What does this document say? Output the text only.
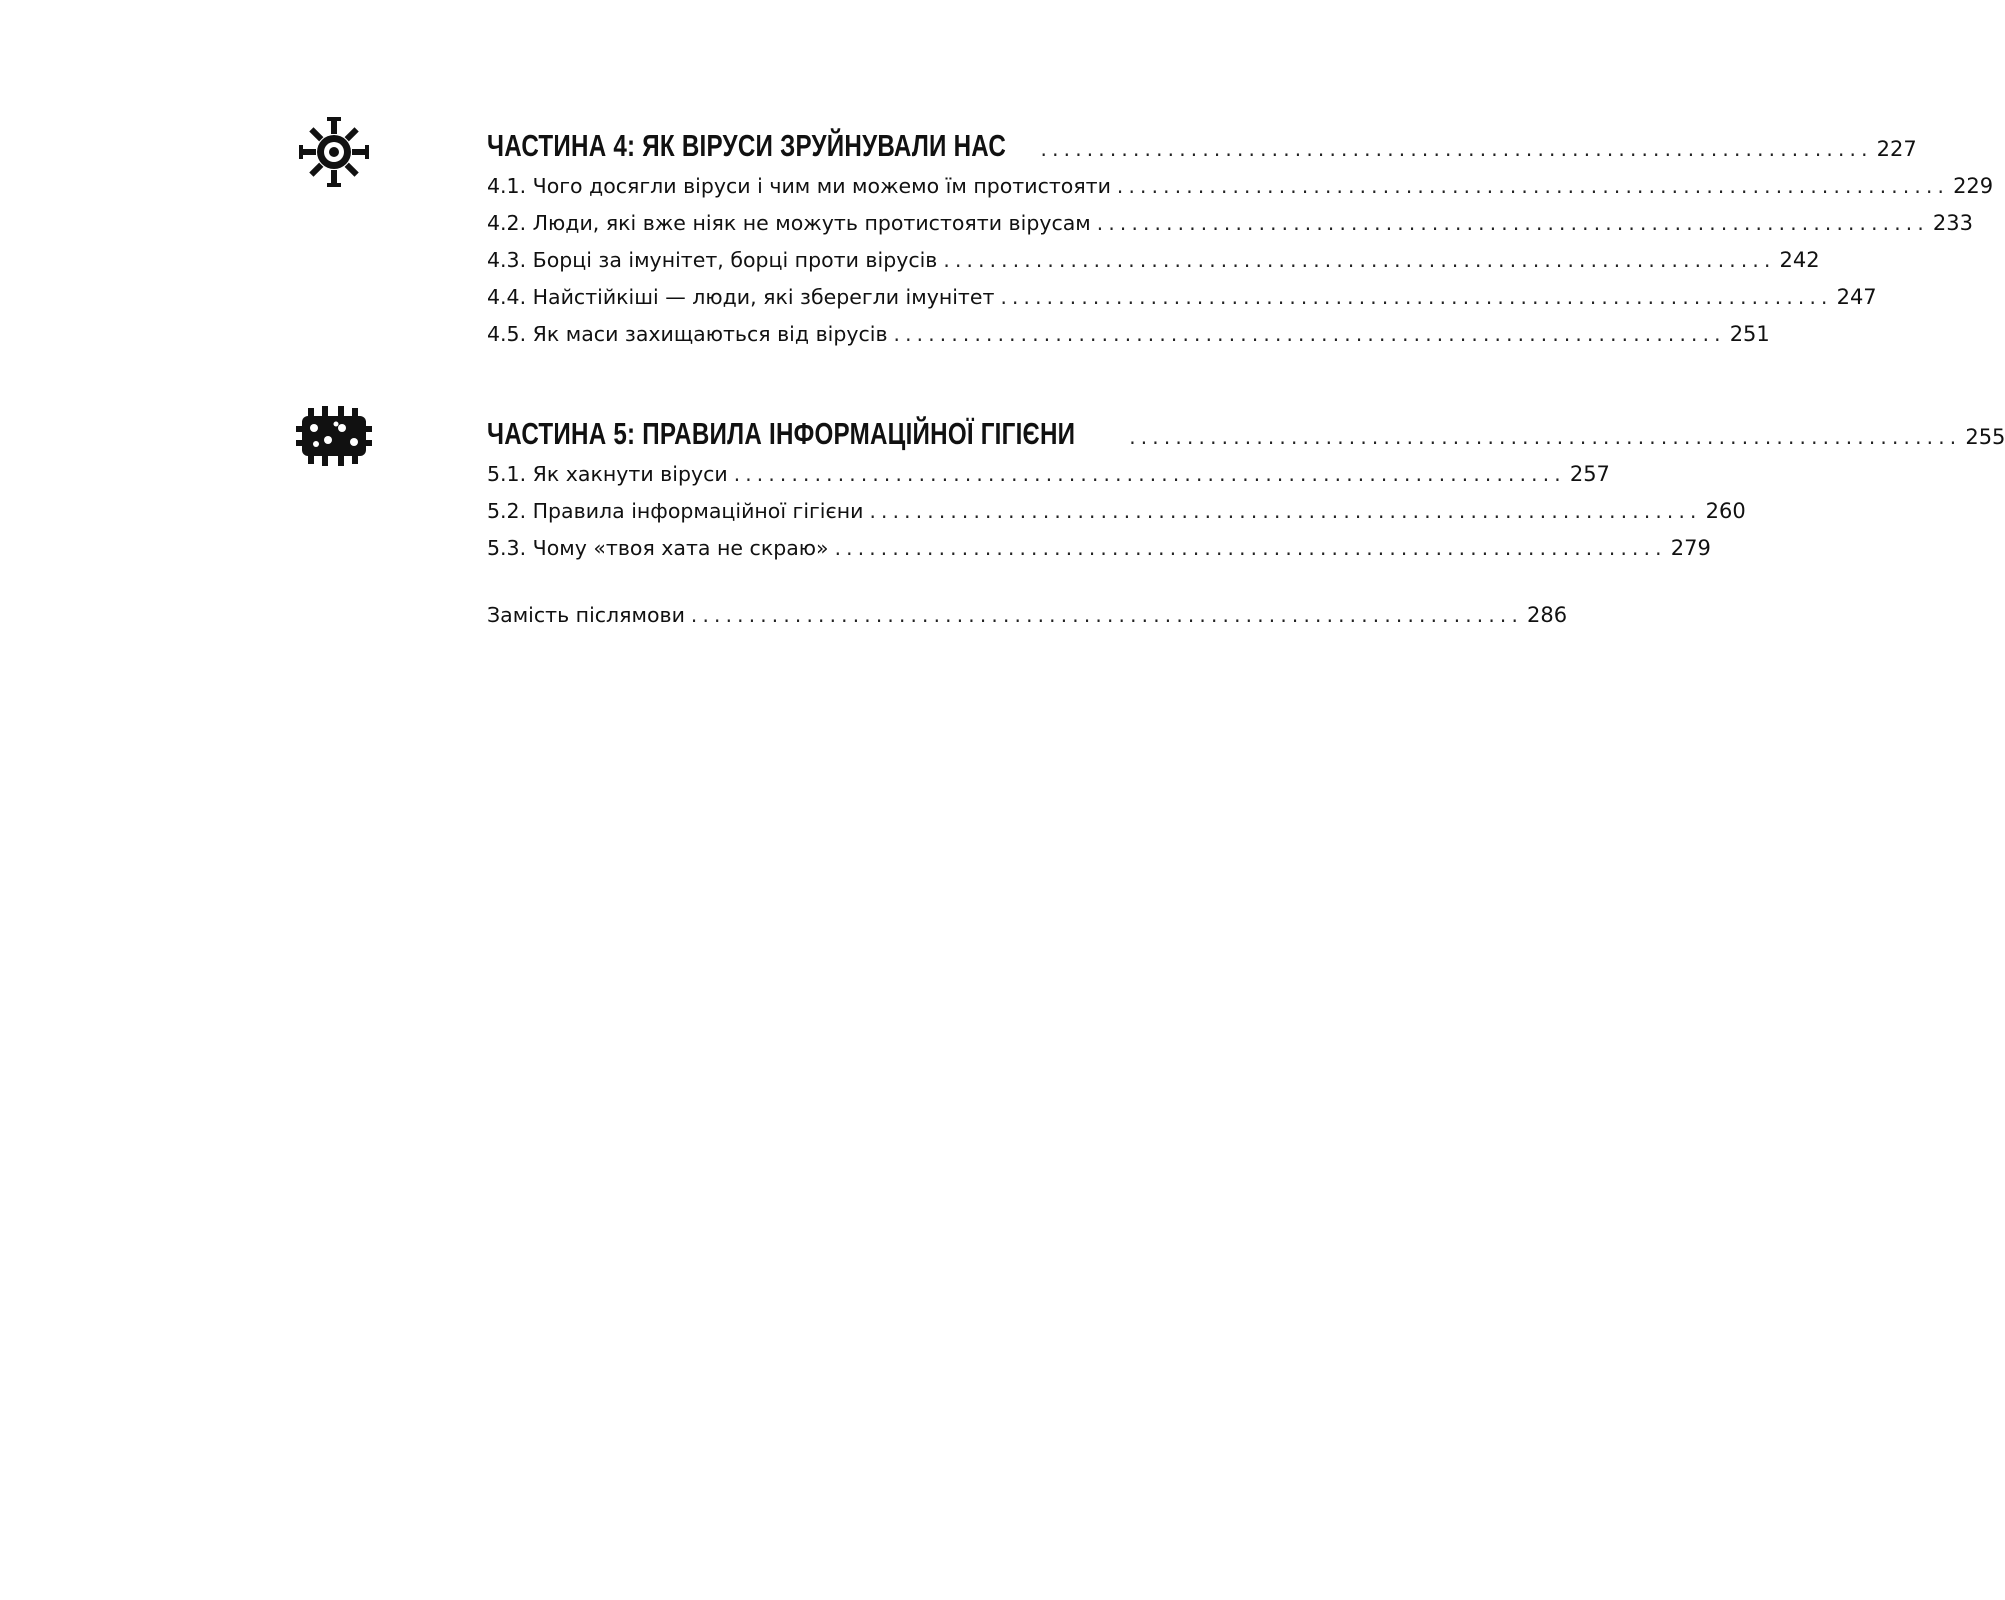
ЧАСТИНА 4: ЯК ВІРУСИ ЗРУЙНУВАЛИ НАС	........................................................................ 227
4.1. Чого досягли віруси і чим ми можемо їм протистояти ........................................................................ 229
4.2. Люди, які вже ніяк не можуть протистояти вірусам ........................................................................ 233
4.3. Борці за імунітет, борці проти вірусів ........................................................................ 242
4.4. Найстійкіші — люди, які зберегли імунітет ........................................................................ 247
4.5. Як маси захищаються від вірусів ........................................................................ 251
ЧАСТИНА 5: ПРАВИЛА ІНФОРМАЦІЙНОЇ ГІГІЄНИ	........................................................................ 255
5.1. Як хакнути віруси ........................................................................ 257
5.2. Правила інформаційної гігієни ........................................................................ 260
5.3. Чому «твоя хата не скраю» ........................................................................ 279
Замість післямови ........................................................................ 286
